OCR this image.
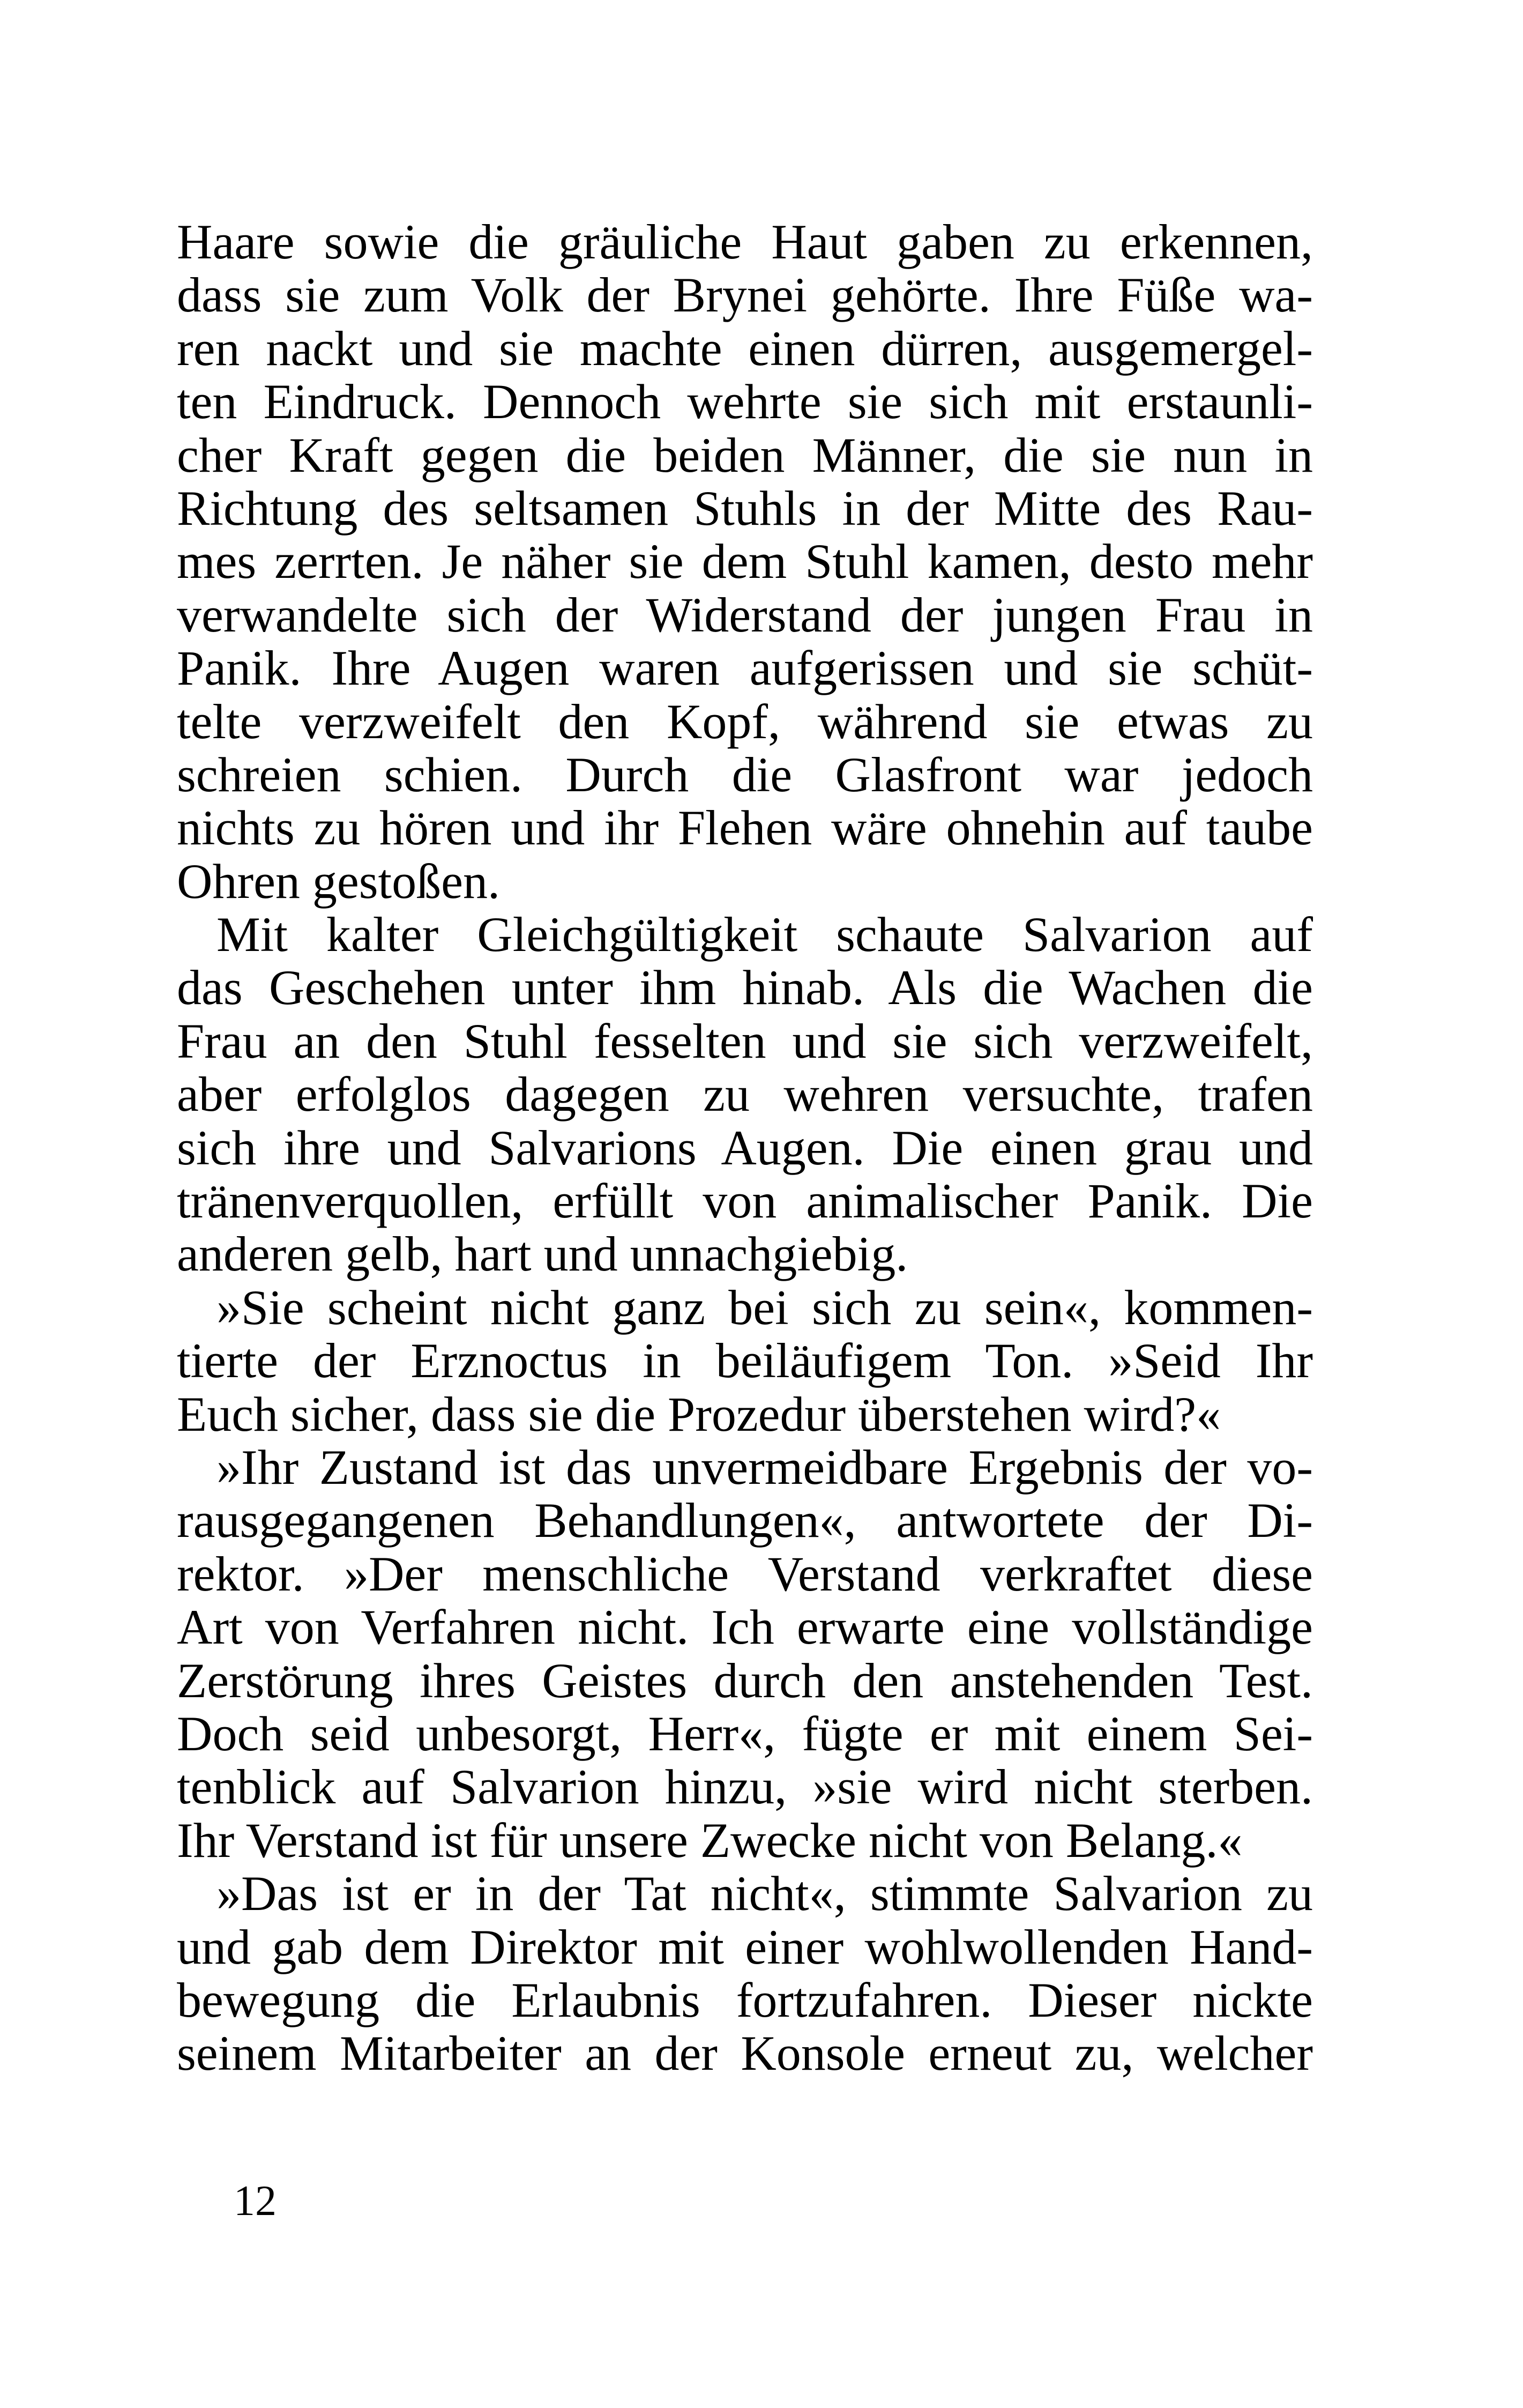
Haare sowie die gräuliche Haut gaben zu erkennen,
dass sie zum Volk der Brynei gehörte. Ihre Füße wa-
ren nackt und sie machte einen dürren, ausgemergel-
ten Eindruck. Dennoch wehrte sie sich mit erstaunli-
cher Kraft gegen die beiden Männer, die sie nun in
Richtung des seltsamen Stuhls in der Mitte des Rau-
mes zerrten. Je näher sie dem Stuhl kamen, desto mehr
verwandelte sich der Widerstand der jungen Frau in
Panik. Ihre Augen waren aufgerissen und sie schüt-
telte verzweifelt den Kopf, während sie etwas zu
schreien schien. Durch die Glasfront war jedoch
nichts zu hören und ihr Flehen wäre ohnehin auf taube
Ohren gestoßen.
Mit kalter Gleichgültigkeit schaute Salvarion auf
das Geschehen unter ihm hinab. Als die Wachen die
Frau an den Stuhl fesselten und sie sich verzweifelt,
aber erfolglos dagegen zu wehren versuchte, trafen
sich ihre und Salvarions Augen. Die einen grau und
tränenverquollen, erfüllt von animalischer Panik. Die
anderen gelb, hart und unnachgiebig.
»Sie scheint nicht ganz bei sich zu sein«, kommen-
tierte der Erznoctus in beiläufigem Ton. »Seid Ihr
Euch sicher, dass sie die Prozedur überstehen wird?«
»Ihr Zustand ist das unvermeidbare Ergebnis der vo-
rausgegangenen Behandlungen«, antwortete der Di-
rektor. »Der menschliche Verstand verkraftet diese
Art von Verfahren nicht. Ich erwarte eine vollständige
Zerstörung ihres Geistes durch den anstehenden Test.
Doch seid unbesorgt, Herr«, fügte er mit einem Sei-
tenblick auf Salvarion hinzu, »sie wird nicht sterben.
Ihr Verstand ist für unsere Zwecke nicht von Belang.«
»Das ist er in der Tat nicht«, stimmte Salvarion zu
und gab dem Direktor mit einer wohlwollenden Hand-
bewegung die Erlaubnis fortzufahren. Dieser nickte
seinem Mitarbeiter an der Konsole erneut zu, welcher
12
